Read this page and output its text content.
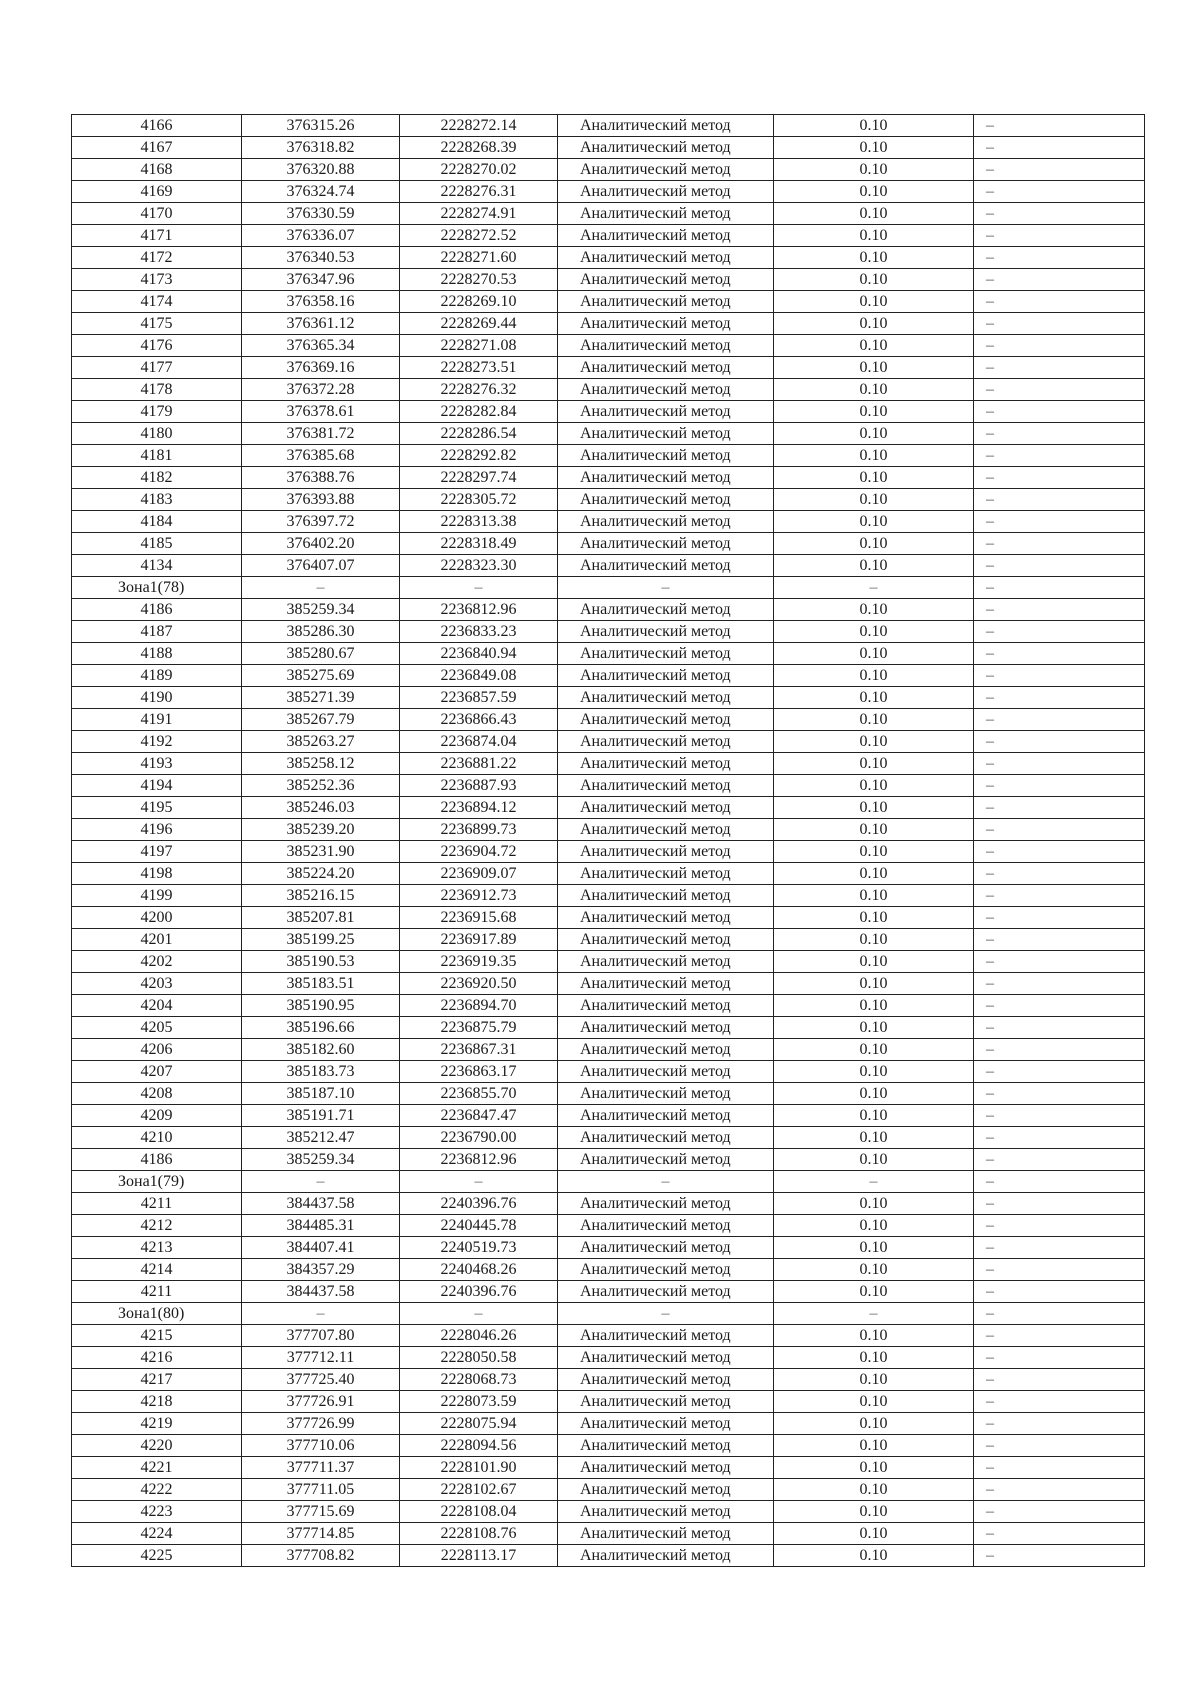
4166	376315.26	2228272.14	Аналитический метод	0.10	–
4167	376318.82	2228268.39	Аналитический метод	0.10	–
4168	376320.88	2228270.02	Аналитический метод	0.10	–
4169	376324.74	2228276.31	Аналитический метод	0.10	–
4170	376330.59	2228274.91	Аналитический метод	0.10	–
4171	376336.07	2228272.52	Аналитический метод	0.10	–
4172	376340.53	2228271.60	Аналитический метод	0.10	–
4173	376347.96	2228270.53	Аналитический метод	0.10	–
4174	376358.16	2228269.10	Аналитический метод	0.10	–
4175	376361.12	2228269.44	Аналитический метод	0.10	–
4176	376365.34	2228271.08	Аналитический метод	0.10	–
4177	376369.16	2228273.51	Аналитический метод	0.10	–
4178	376372.28	2228276.32	Аналитический метод	0.10	–
4179	376378.61	2228282.84	Аналитический метод	0.10	–
4180	376381.72	2228286.54	Аналитический метод	0.10	–
4181	376385.68	2228292.82	Аналитический метод	0.10	–
4182	376388.76	2228297.74	Аналитический метод	0.10	–
4183	376393.88	2228305.72	Аналитический метод	0.10	–
4184	376397.72	2228313.38	Аналитический метод	0.10	–
4185	376402.20	2228318.49	Аналитический метод	0.10	–
4134	376407.07	2228323.30	Аналитический метод	0.10	–
Зона1(78)	–	–	–	–	–
4186	385259.34	2236812.96	Аналитический метод	0.10	–
4187	385286.30	2236833.23	Аналитический метод	0.10	–
4188	385280.67	2236840.94	Аналитический метод	0.10	–
4189	385275.69	2236849.08	Аналитический метод	0.10	–
4190	385271.39	2236857.59	Аналитический метод	0.10	–
4191	385267.79	2236866.43	Аналитический метод	0.10	–
4192	385263.27	2236874.04	Аналитический метод	0.10	–
4193	385258.12	2236881.22	Аналитический метод	0.10	–
4194	385252.36	2236887.93	Аналитический метод	0.10	–
4195	385246.03	2236894.12	Аналитический метод	0.10	–
4196	385239.20	2236899.73	Аналитический метод	0.10	–
4197	385231.90	2236904.72	Аналитический метод	0.10	–
4198	385224.20	2236909.07	Аналитический метод	0.10	–
4199	385216.15	2236912.73	Аналитический метод	0.10	–
4200	385207.81	2236915.68	Аналитический метод	0.10	–
4201	385199.25	2236917.89	Аналитический метод	0.10	–
4202	385190.53	2236919.35	Аналитический метод	0.10	–
4203	385183.51	2236920.50	Аналитический метод	0.10	–
4204	385190.95	2236894.70	Аналитический метод	0.10	–
4205	385196.66	2236875.79	Аналитический метод	0.10	–
4206	385182.60	2236867.31	Аналитический метод	0.10	–
4207	385183.73	2236863.17	Аналитический метод	0.10	–
4208	385187.10	2236855.70	Аналитический метод	0.10	–
4209	385191.71	2236847.47	Аналитический метод	0.10	–
4210	385212.47	2236790.00	Аналитический метод	0.10	–
4186	385259.34	2236812.96	Аналитический метод	0.10	–
Зона1(79)	–	–	–	–	–
4211	384437.58	2240396.76	Аналитический метод	0.10	–
4212	384485.31	2240445.78	Аналитический метод	0.10	–
4213	384407.41	2240519.73	Аналитический метод	0.10	–
4214	384357.29	2240468.26	Аналитический метод	0.10	–
4211	384437.58	2240396.76	Аналитический метод	0.10	–
Зона1(80)	–	–	–	–	–
4215	377707.80	2228046.26	Аналитический метод	0.10	–
4216	377712.11	2228050.58	Аналитический метод	0.10	–
4217	377725.40	2228068.73	Аналитический метод	0.10	–
4218	377726.91	2228073.59	Аналитический метод	0.10	–
4219	377726.99	2228075.94	Аналитический метод	0.10	–
4220	377710.06	2228094.56	Аналитический метод	0.10	–
4221	377711.37	2228101.90	Аналитический метод	0.10	–
4222	377711.05	2228102.67	Аналитический метод	0.10	–
4223	377715.69	2228108.04	Аналитический метод	0.10	–
4224	377714.85	2228108.76	Аналитический метод	0.10	–
4225	377708.82	2228113.17	Аналитический метод	0.10	–
